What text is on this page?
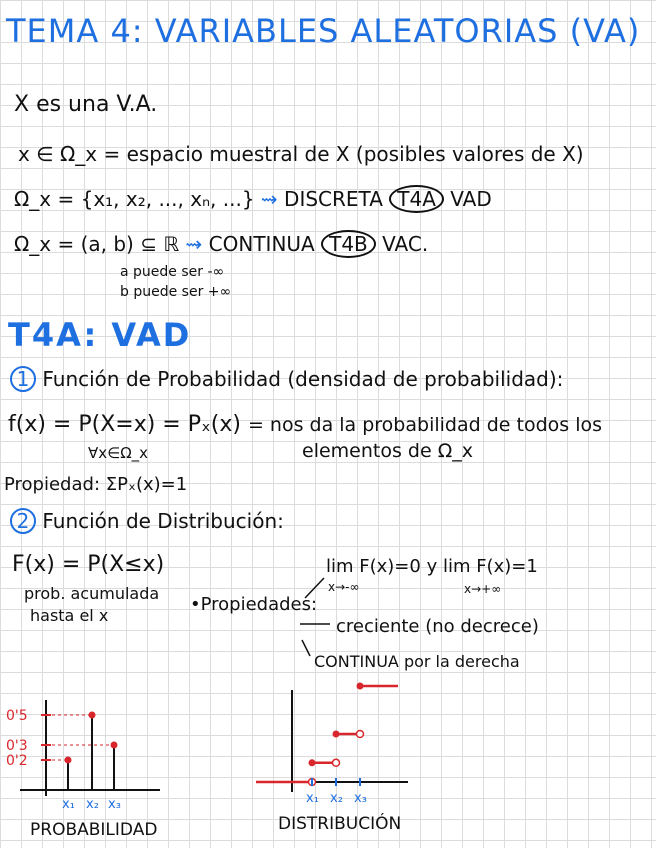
TEMA 4: VARIABLES ALEATORIAS (VA)
X es una V.A.
x ∈ Ω_x = espacio muestral de X (posibles valores de X)
Ω_x = {x₁, x₂, ..., xₙ, ...} ⇝ DISCRETA T4A VAD
Ω_x = (a, b) ⊆ ℝ ⇝ CONTINUA T4B VAC.
a puede ser -∞
b puede ser +∞
T4A: VAD
1 Función de Probabilidad (densidad de probabilidad):
f(x) = P(X=x) = Pₓ(x) = nos da la probabilidad de todos los
∀x∈Ω_x	elementos de Ω_x
Propiedad: ΣPₓ(x)=1
2 Función de Distribución:
F(x) = P(X≤x)
prob. acumulada
hasta el x
•Propiedades:
lim F(x)=0 y lim F(x)=1
x→-∞	x→+∞
creciente (no decrece)
CONTINUA por la derecha
x₁ x₂ x₃
0'5
0'3
0'2
x₁ x₂ x₃
PROBABILIDAD	DISTRIBUCIÓN
